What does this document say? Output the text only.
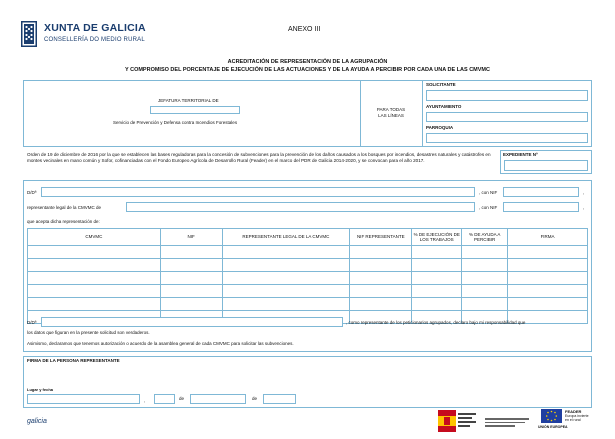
XUNTA DE GALICIA
CONSELLERÍA DO MEDIO RURAL
ANEXO III
ACREDITACIÓN DE REPRESENTACIÓN DE LA AGRUPACIÓN
Y COMPROMISO DEL PORCENTAJE DE EJECUCIÓN DE LAS ACTUACIONES Y DE LA AYUDA A PERCIBIR POR CADA UNA DE LAS CMVMC
JEFATURA TERRITORIAL DE
Servicio de Prevención y Defensa contra Incendios Forestales
PARA TODAS
LAS LÍNEAS
SOLICITANTE
AYUNTAMIENTO
PARROQUIA
Orden de 19 de diciembre de 2016 por la que se establecen las bases reguladoras para la concesión de subvenciones para la prevención de los daños causados a los bosques por incendios, desastres naturales y catástrofes en montes vecinales en mano común y Sofor, cofinanciadas con el Fondo Europeo Agrícola de Desarrollo Rural (Feader) en el marco del PDR de Galicia 2014-2020, y se convocan para el año 2017.
EXPEDIENTE Nº
D/Dª	, con NIF	,
representante legal de la CMVMC de	, con NIF	,
que acepta dicha representación de:
CMVMC	NIF	REPRESENTANTE LEGAL DE LA CMVMC	NIF REPRESENTANTE	% DE EJECUCIÓN DE LOS TRABAJOS	% DE AYUDA A PERCIBIR	FIRMA

D/Dª	, como representante de los peticionarios agrupados, declaro bajo mi responsabilidad que
los datos que figuran en la presente solicitud son verdaderos.
Asimismo, declaramos que tenemos autorización o acuerdo de la asamblea general de cada CMVMC para solicitar las subvenciones.
FIRMA DE LA PERSONA REPRESENTANTE
Lugar y fecha
,	de	de
galicia
UNIÓN EUROPEA
FEADER
Europa invierte
en el rural
